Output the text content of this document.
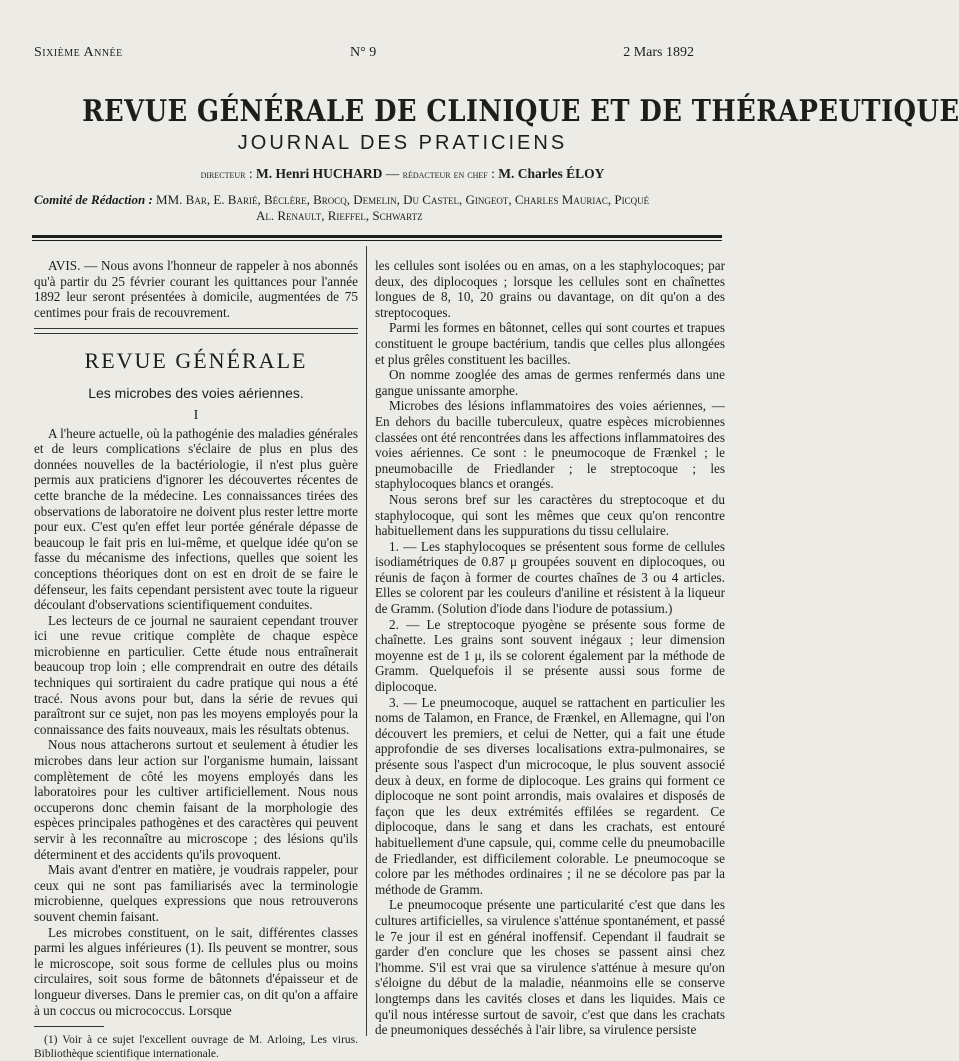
Sixième Année	N° 9	2 Mars 1892
REVUE GÉNÉRALE DE CLINIQUE ET DE THÉRAPEUTIQUE
JOURNAL DES PRATICIENS
directeur : M. Henri HUCHARD — rédacteur en chef : M. Charles ÉLOY
Comité de Rédaction : MM. Bar, E. Barié, Béclère, Brocq, Demelin, Du Castel, Gingeot, Charles Mauriac, Picqué
Al. Renault, Rieffel, Schwartz

AVIS. — Nous avons l'honneur de rappeler à nos abonnés qu'à partir du 25 février courant les quittances pour l'année 1892 leur seront présentées à domicile, augmentées de 75 centimes pour frais de recouvrement.

REVUE GÉNÉRALE
Les microbes des voies aériennes.
I

A l'heure actuelle, où la pathogénie des maladies générales et de leurs complications s'éclaire de plus en plus des données nouvelles de la bactériologie, il n'est plus guère permis aux praticiens d'ignorer les découvertes récentes de cette branche de la médecine. Les connaissances tirées des observations de laboratoire ne doivent plus rester lettre morte pour eux. C'est qu'en effet leur portée générale dépasse de beaucoup le fait pris en lui-même, et quelque idée qu'on se fasse du mécanisme des infections, quelles que soient les conceptions théoriques dont on est en droit de se faire le défenseur, les faits cependant persistent avec toute la rigueur découlant d'observations scientifiquement conduites.

Les lecteurs de ce journal ne sauraient cependant trouver ici une revue critique complète de chaque espèce microbienne en particulier. Cette étude nous entraînerait beaucoup trop loin ; elle comprendrait en outre des détails techniques qui sortiraient du cadre pratique qui nous a été tracé. Nous avons pour but, dans la série de revues qui paraîtront sur ce sujet, non pas les moyens employés pour la connaissance des faits nouveaux, mais les résultats obtenus.

Nous nous attacherons surtout et seulement à étudier les microbes dans leur action sur l'organisme humain, laissant complètement de côté les moyens employés dans les laboratoires pour les cultiver artificiellement. Nous nous occuperons donc chemin faisant de la morphologie des espèces principales pathogènes et des caractères qui peuvent servir à les reconnaître au microscope ; des lésions qu'ils déterminent et des accidents qu'ils provoquent.

Mais avant d'entrer en matière, je voudrais rappeler, pour ceux qui ne sont pas familiarisés avec la terminologie microbienne, quelques expressions que nous retrouverons souvent chemin faisant.

Les microbes constituent, on le sait, différentes classes parmi les algues inférieures (1). Ils peuvent se montrer, sous le microscope, soit sous forme de cellules plus ou moins circulaires, soit sous forme de bâtonnets d'épaisseur et de longueur diverses. Dans le premier cas, on dit qu'on a affaire à un coccus ou micrococcus. Lorsque

(1) Voir à ce sujet l'excellent ouvrage de M. Arloing, Les virus. Bibliothèque scientifique internationale.

les cellules sont isolées ou en amas, on a les staphylocoques; par deux, des diplocoques ; lorsque les cellules sont en chaînettes longues de 8, 10, 20 grains ou davantage, on dit qu'on a des streptocoques.

Parmi les formes en bâtonnet, celles qui sont courtes et trapues constituent le groupe bactérium, tandis que celles plus allongées et plus grêles constituent les bacilles.

On nomme zooglée des amas de germes renfermés dans une gangue unissante amorphe.

Microbes des lésions inflammatoires des voies aériennes, — En dehors du bacille tuberculeux, quatre espèces microbiennes classées ont été rencontrées dans les affections inflammatoires des voies aériennes. Ce sont : le pneumocoque de Frænkel ; le pneumobacille de Friedlander ; le streptocoque ; les staphylocoques blancs et orangés.

Nous serons bref sur les caractères du streptocoque et du staphylocoque, qui sont les mêmes que ceux qu'on rencontre habituellement dans les suppurations du tissu cellulaire.

1. — Les staphylocoques se présentent sous forme de cellules isodiamétriques de 0.87 μ groupées souvent en diplocoques, ou réunis de façon à former de courtes chaînes de 3 ou 4 articles. Elles se colorent par les couleurs d'aniline et résistent à la liqueur de Gramm. (Solution d'iode dans l'iodure de potassium.)

2. — Le streptocoque pyogène se présente sous forme de chaînette. Les grains sont souvent inégaux ; leur dimension moyenne est de 1 μ, ils se colorent également par la méthode de Gramm. Quelquefois il se présente aussi sous forme de diplocoque.

3. — Le pneumocoque, auquel se rattachent en particulier les noms de Talamon, en France, de Frænkel, en Allemagne, qui l'on découvert les premiers, et celui de Netter, qui a fait une étude approfondie de ses diverses localisations extra-pulmonaires, se présente sous l'aspect d'un microcoque, le plus souvent associé deux à deux, en forme de diplocoque. Les grains qui forment ce diplocoque ne sont point arrondis, mais ovalaires et disposés de façon que les deux extrémités effilées se regardent. Ce diplocoque, dans le sang et dans les crachats, est entouré habituellement d'une capsule, qui, comme celle du pneumobacille de Friedlander, est difficilement colorable. Le pneumocoque se colore par les méthodes ordinaires ; il ne se décolore pas par la méthode de Gramm.

Le pneumocoque présente une particularité c'est que dans les cultures artificielles, sa virulence s'atténue spontanément, et passé le 7e jour il est en général inoffensif. Cependant il faudrait se garder d'en conclure que les choses se passent ainsi chez l'homme. S'il est vrai que sa virulence s'atténue à mesure qu'on s'éloigne du début de la maladie, néanmoins elle se conserve longtemps dans les cavités closes et dans les liquides. Mais ce qu'il nous intéresse surtout de savoir, c'est que dans les crachats de pneumoniques desséchés à l'air libre, sa virulence persiste
